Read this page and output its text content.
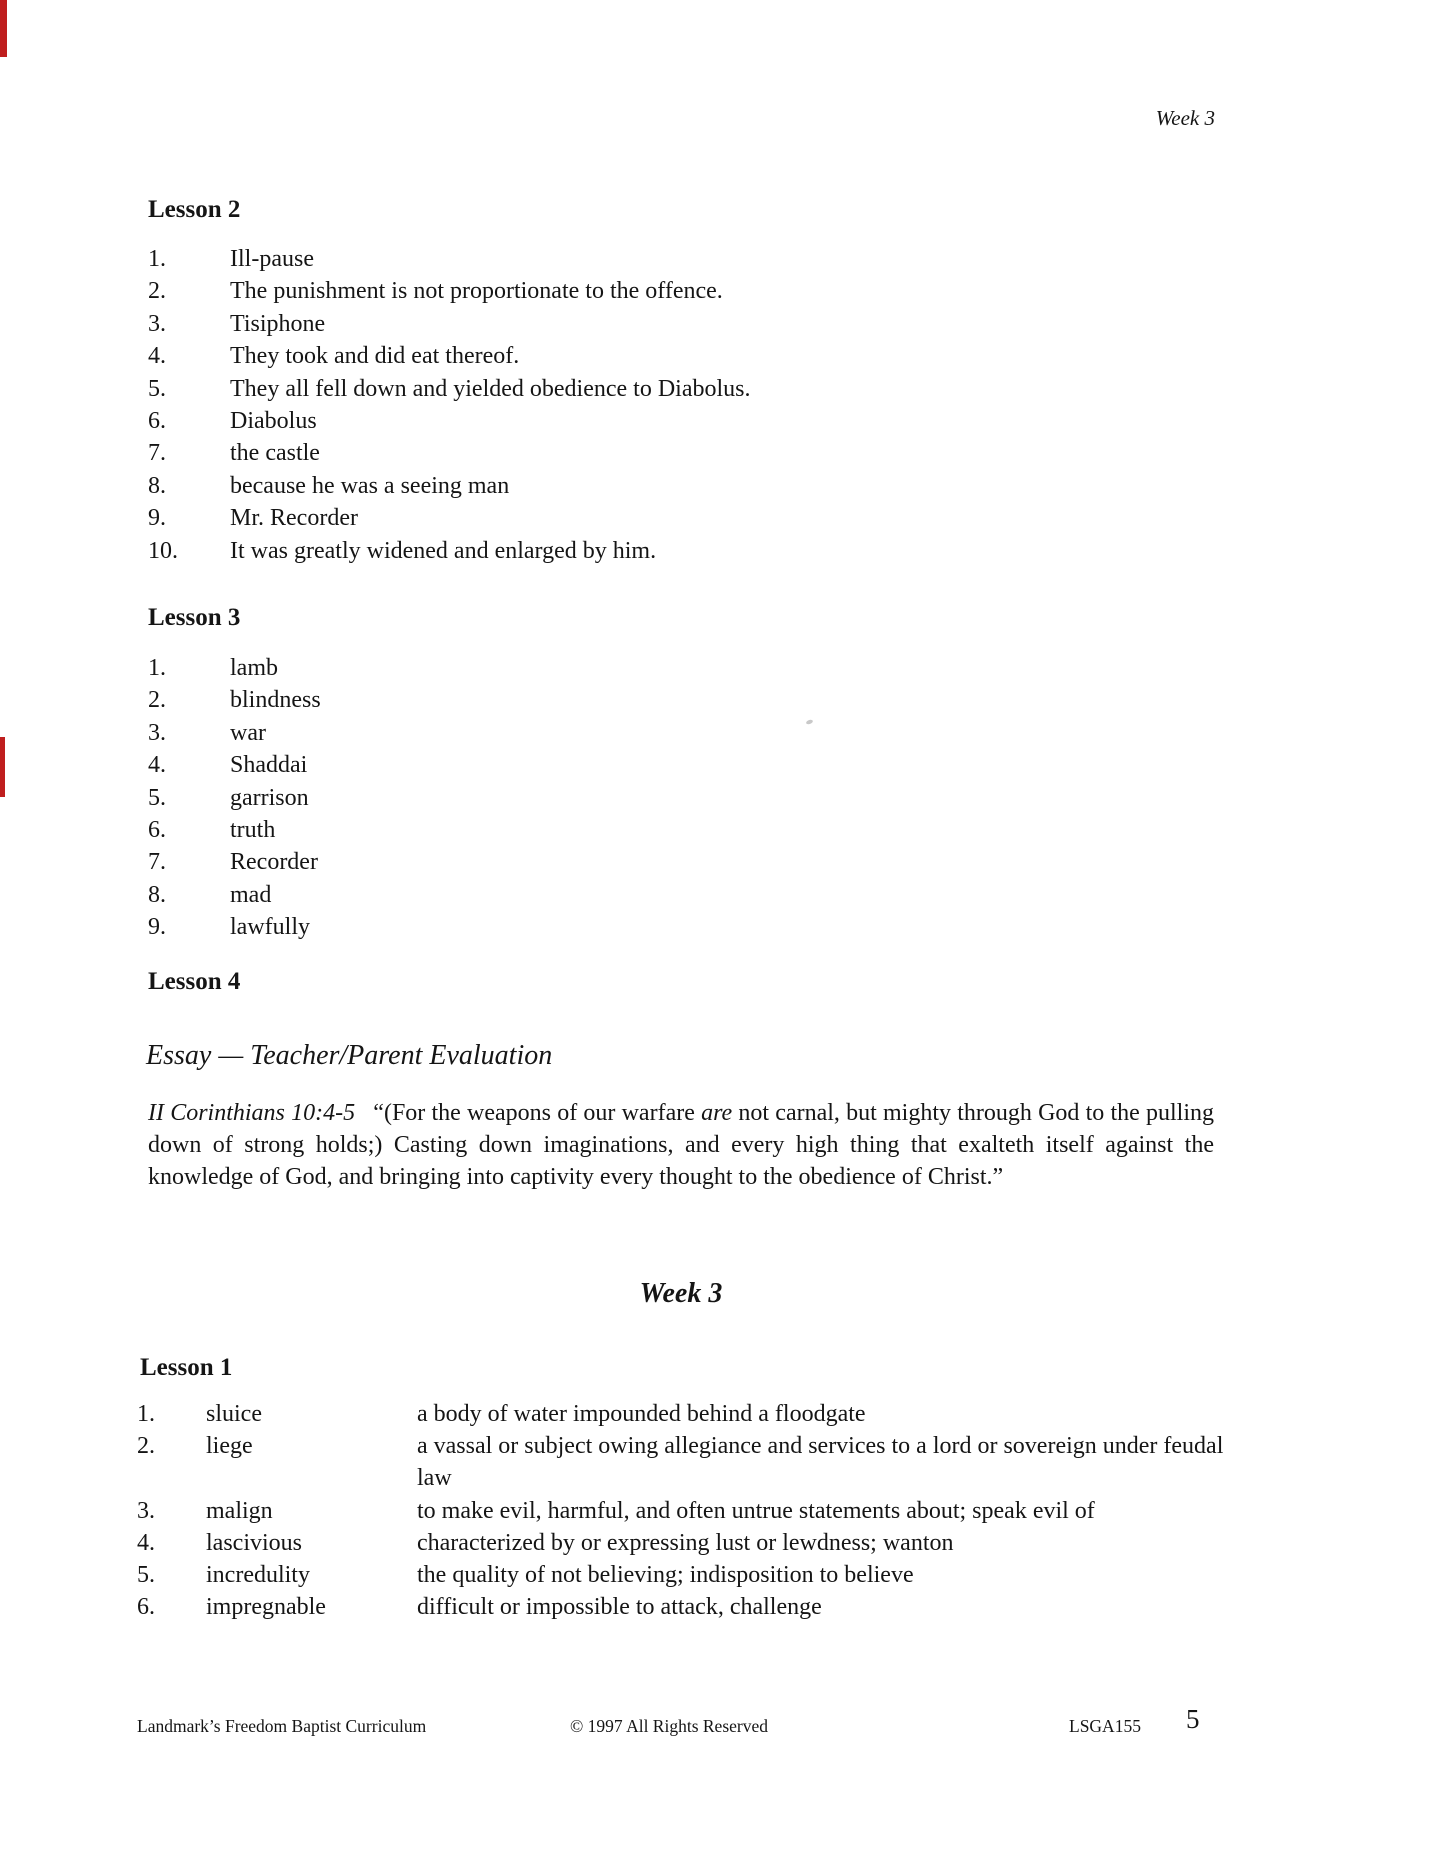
Week 3
Lesson 2
1.	Ill-pause
2.	The punishment is not proportionate to the offence.
3.	Tisiphone
4.	They took and did eat thereof.
5.	They all fell down and yielded obedience to Diabolus.
6.	Diabolus
7.	the castle
8.	because he was a seeing man
9.	Mr. Recorder
10. It was greatly widened and enlarged by him.
Lesson 3
1.	lamb
2.	blindness
3.	war
4.	Shaddai
5.	garrison
6.	truth
7.	Recorder
8.	mad
9.	lawfully
Lesson 4
Essay — Teacher/Parent Evaluation
II Corinthians 10:4-5 “(For the weapons of our warfare are not carnal, but mighty through God to the pulling down of strong holds;) Casting down imaginations, and every high thing that exalteth itself against the knowledge of God, and bringing into captivity every thought to the obedience of Christ.”
Week 3
Lesson 1
1.	sluice	a body of water impounded behind a floodgate
2.	liege	a vassal or subject owing allegiance and services to a lord or sovereign under feudal law
3.	malign	to make evil, harmful, and often untrue statements about; speak evil of
4.	lascivious	characterized by or expressing lust or lewdness; wanton
5.	incredulity	the quality of not believing; indisposition to believe
6.	impregnable	difficult or impossible to attack, challenge
Landmark’s Freedom Baptist Curriculum	© 1997 All Rights Reserved	LSGA155 5
